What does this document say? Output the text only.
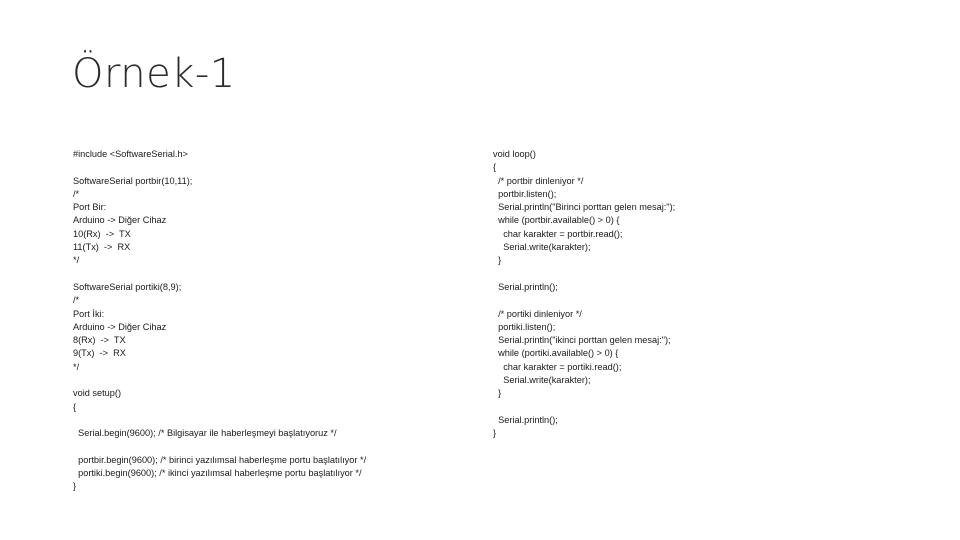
Örnek-1
#include <SoftwareSerial.h>
SoftwareSerial portbir(10,11);
/*
Port Bir:
Arduino -> Diğer Cihaz
10(Rx)  ->  TX
11(Tx)  ->  RX
*/
SoftwareSerial portiki(8,9);
/*
Port İki:
Arduino -> Diğer Cihaz
8(Rx)  ->  TX
9(Tx)  ->  RX
*/
void setup()
{
Serial.begin(9600); /* Bilgisayar ile haberleşmeyi başlatıyoruz */
portbir.begin(9600); /* birinci yazılımsal haberleşme portu başlatılıyor */
portiki.begin(9600); /* ikinci yazılımsal haberleşme portu başlatılıyor */
}
void loop()
{
/* portbir dinleniyor */
portbir.listen();
Serial.println("Birinci porttan gelen mesaj:");
while (portbir.available() > 0) {
char karakter = portbir.read();
Serial.write(karakter);
}
Serial.println();
/* portiki dinleniyor */
portiki.listen();
Serial.println("ikinci porttan gelen mesaj:");
while (portiki.available() > 0) {
char karakter = portiki.read();
Serial.write(karakter);
}
Serial.println();
}
